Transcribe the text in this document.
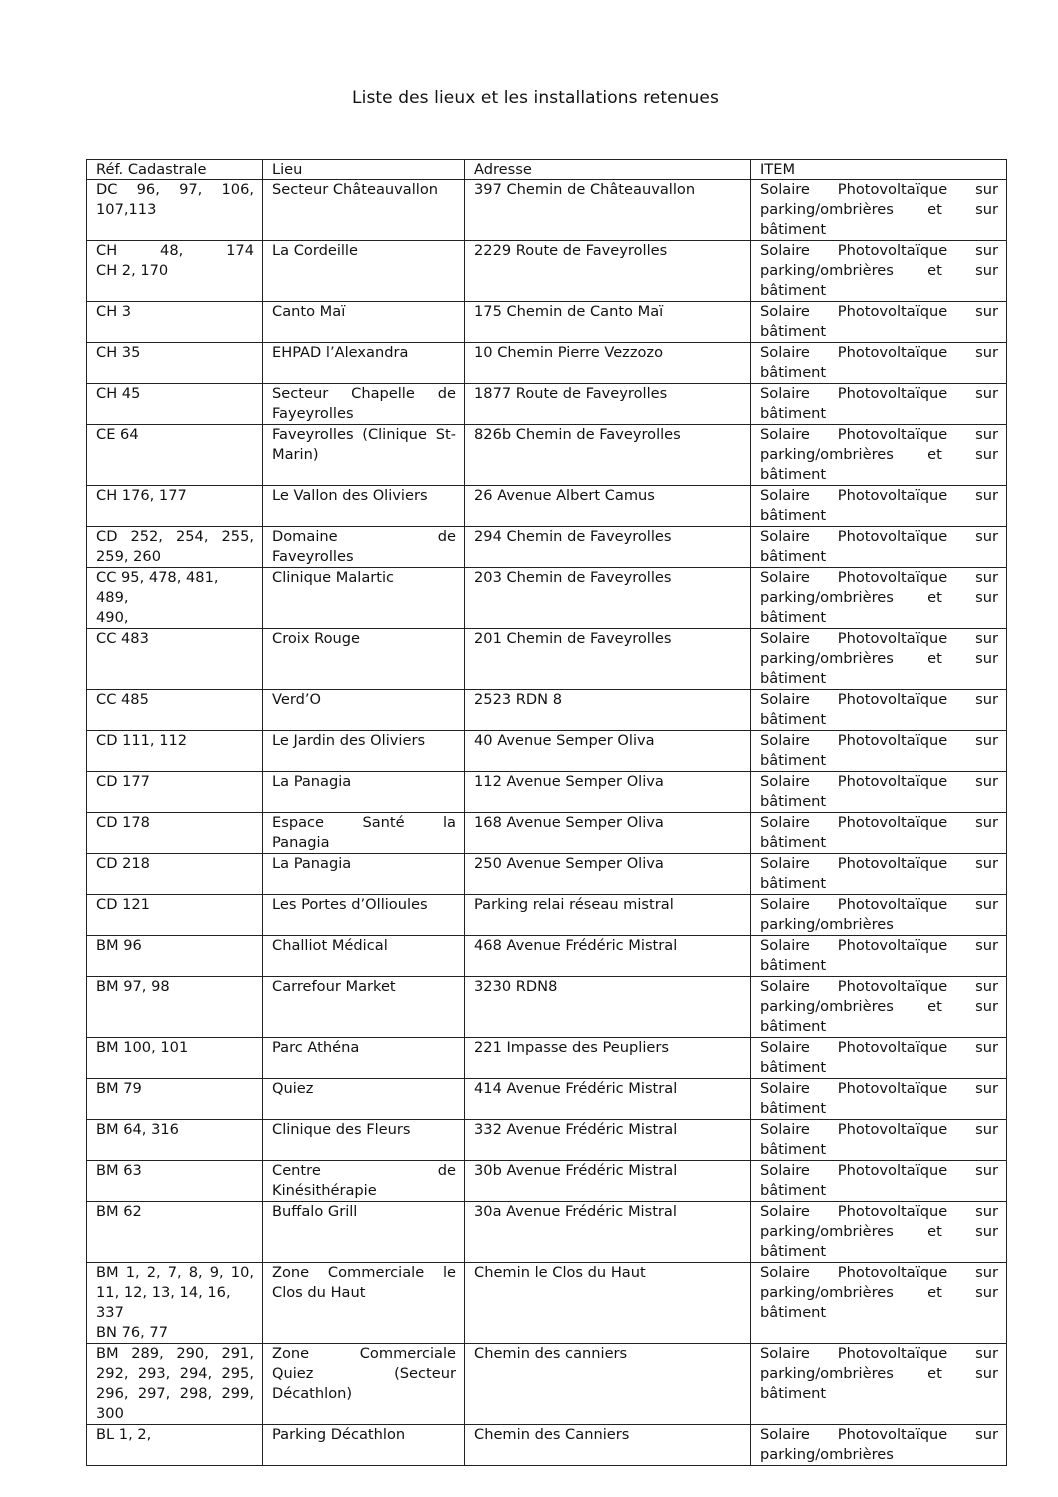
Liste des lieux et les installations retenues
Réf. Cadastrale	Lieu	Adresse	ITEM

DC 96, 97, 106,
107,113	Secteur Châteauvallon	397 Chemin de Châteauvallon	Solaire Photovoltaïque sur
parking/ombrières et sur
bâtiment

CH 48, 174
CH 2, 170	La Cordeille	2229 Route de Faveyrolles	Solaire Photovoltaïque sur
parking/ombrières et sur
bâtiment

CH 3	Canto Maï	175 Chemin de Canto Maï	Solaire Photovoltaïque sur
bâtiment

CH 35	EHPAD l’Alexandra	10 Chemin Pierre Vezzozo	Solaire Photovoltaïque sur
bâtiment

CH 45	Secteur Chapelle de
Fayeyrolles	1877 Route de Faveyrolles	Solaire Photovoltaïque sur
bâtiment

CE 64	Faveyrolles (Clinique St-
Marin)	826b Chemin de Faveyrolles	Solaire Photovoltaïque sur
parking/ombrières et sur
bâtiment

CH 176, 177	Le Vallon des Oliviers	26 Avenue Albert Camus	Solaire Photovoltaïque sur
bâtiment

CD 252, 254, 255,
259, 260	Domaine de
Faveyrolles	294 Chemin de Faveyrolles	Solaire Photovoltaïque sur
bâtiment

CC 95, 478, 481, 489,
490,	Clinique Malartic	203 Chemin de Faveyrolles	Solaire Photovoltaïque sur
parking/ombrières et sur
bâtiment

CC 483	Croix Rouge	201 Chemin de Faveyrolles	Solaire Photovoltaïque sur
parking/ombrières et sur
bâtiment

CC 485	Verd’O	2523 RDN 8	Solaire Photovoltaïque sur
bâtiment

CD 111, 112	Le Jardin des Oliviers	40 Avenue Semper Oliva	Solaire Photovoltaïque sur
bâtiment

CD 177	La Panagia	112 Avenue Semper Oliva	Solaire Photovoltaïque sur
bâtiment

CD 178	Espace Santé la
Panagia	168 Avenue Semper Oliva	Solaire Photovoltaïque sur
bâtiment

CD 218	La Panagia	250 Avenue Semper Oliva	Solaire Photovoltaïque sur
bâtiment

CD 121	Les Portes d’Ollioules	Parking relai réseau mistral	Solaire Photovoltaïque sur
parking/ombrières

BM 96	Challiot Médical	468 Avenue Frédéric Mistral	Solaire Photovoltaïque sur
bâtiment

BM 97, 98	Carrefour Market	3230 RDN8	Solaire Photovoltaïque sur
parking/ombrières et sur
bâtiment

BM 100, 101	Parc Athéna	221 Impasse des Peupliers	Solaire Photovoltaïque sur
bâtiment

BM 79	Quiez	414 Avenue Frédéric Mistral	Solaire Photovoltaïque sur
bâtiment

BM 64, 316	Clinique des Fleurs	332 Avenue Frédéric Mistral	Solaire Photovoltaïque sur
bâtiment

BM 63	Centre de
Kinésithérapie	30b Avenue Frédéric Mistral	Solaire Photovoltaïque sur
bâtiment

BM 62	Buffalo Grill	30a Avenue Frédéric Mistral	Solaire Photovoltaïque sur
parking/ombrières et sur
bâtiment

BM 1, 2, 7, 8, 9, 10,
11, 12, 13, 14, 16, 337
BN 76, 77	Zone Commerciale le
Clos du Haut	Chemin le Clos du Haut	Solaire Photovoltaïque sur
parking/ombrières et sur
bâtiment

BM 289, 290, 291,
292, 293, 294, 295,
296, 297, 298, 299,
300	Zone Commerciale
Quiez (Secteur
Décathlon)	Chemin des canniers	Solaire Photovoltaïque sur
parking/ombrières et sur
bâtiment

BL 1, 2,	Parking Décathlon	Chemin des Canniers	Solaire Photovoltaïque sur
parking/ombrières
